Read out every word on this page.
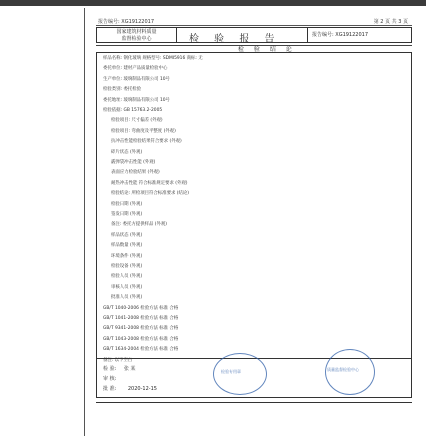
报告编号: XG19122017	第 2 页 共 3 页
国家建筑材料质量
监督检验中心	检 验 报 告	报告编号: XG19122017
检 验 结 论
样品名称: 钢化玻璃 规格型号: SDMI5916 商标: 无
委托单位: 建材产品质量检验中心
生产单位: 玻璃制品有限公司 10号
检验类别: 委托检验
委托地址: 玻璃制品有限公司 10号
检验依据: GB 15763.2-2005
检验项目: 尺寸偏差 (外观)
检验项目: 弯曲度及平整度 (外观)
抗冲击性能检验结果符合要求 (外观)
碎片状态 (外观)
霰弹袋冲击性能 (外观)
表面应力检验结果 (外观)
耐热冲击性能 符合标准规定要求 (外观)
检验结论: 所检项目符合标准要求 (结论)
检验日期 (外观)
签发日期 (外观)
备注: 委托方提供样品 (外观)
样品状态 (外观)
样品数量 (外观)
环境条件 (外观)
检验设备 (外观)
检验人员 (外观)
审核人员 (外观)
批准人员 (外观)
GB/T 1040-2006 检验方法 标准 合格
GB/T 1041-2008 检验方法 标准 合格
GB/T 9341-2008 检验方法 标准 合格
GB/T 1043-2008 检验方法 标准 合格
GB/T 1634-2004 检验方法 标准 合格
备注: 以下空白
检 验: 张 某
审 核:
批 准: 2020-12-15
检验专用章	质量监督检验中心
